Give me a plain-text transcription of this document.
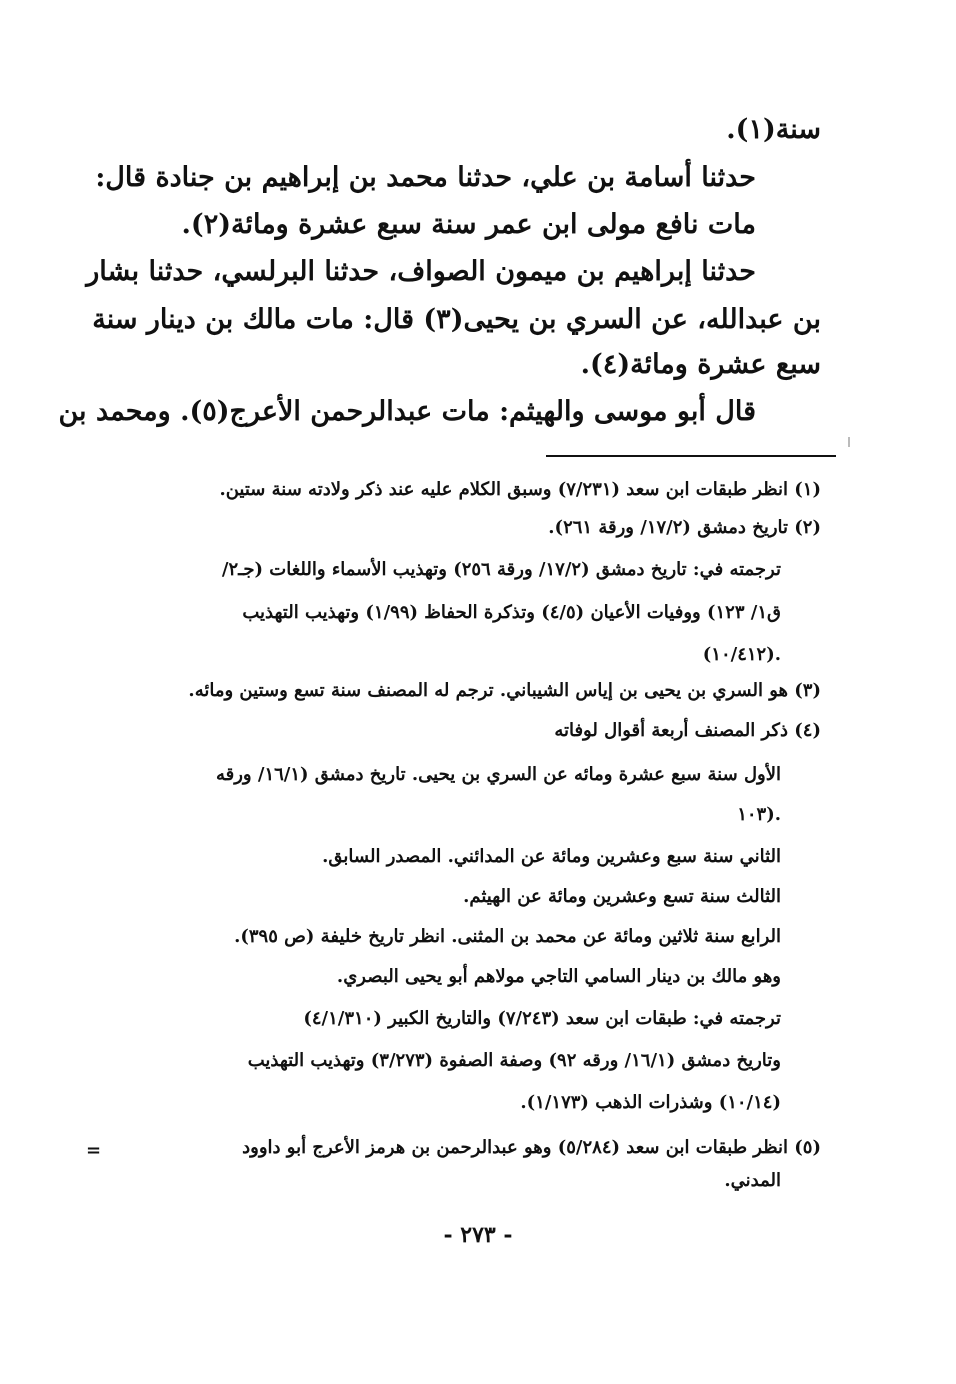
سنة(١).
حدثنا أسامة بن علي، حدثنا محمد بن إبراهيم بن جنادة قال:
مات نافع مولى ابن عمر سنة سبع عشرة ومائة(٢).
حدثنا إبراهيم بن ميمون الصواف، حدثنا البرلسي، حدثنا بشار
بن عبدالله، عن السري بن يحيى(٣) قال: مات مالك بن دينار سنة
سبع عشرة ومائة(٤).
قال أبو موسى والهيثم: مات عبدالرحمن الأعرج(٥). ومحمد بن
(١) انظر طبقات ابن سعد (٧/٢٣١) وسبق الكلام عليه عند ذكر ولادته سنة ستين.
(٢) تاريخ دمشق (١٧/٢/ ورقة ٢٦١).
ترجمته في: تاريخ دمشق (١٧/٢/ ورقة ٢٥٦) وتهذيب الأسماء واللغات (جـ٢/
ق١/ ١٢٣) ووفيات الأعيان (٤/٥) وتذكرة الحفاظ (١/٩٩) وتهذيب التهذيب
(١٠/٤١٢).
(٣) هو السري بن يحيى بن إياس الشيباني. ترجم له المصنف سنة تسع وستين ومائه.
(٤) ذكر المصنف أربعة أقوال لوفاته
الأول سنة سبع عشرة ومائه عن السري بن يحيى. تاريخ دمشق (١٦/١/ ورقه
١٠٣).
الثاني سنة سبع وعشرين ومائة عن المدائني. المصدر السابق.
الثالث سنة تسع وعشرين ومائة عن الهيثم.
الرابع سنة ثلاثين ومائة عن محمد بن المثنى. انظر تاريخ خليفة (ص ٣٩٥).
وهو مالك بن دينار السامي التاجي مولاهم أبو يحيى البصري.
ترجمته في: طبقات ابن سعد (٧/٢٤٣) والتاريخ الكبير (٤/١/٣١٠)
وتاريخ دمشق (١٦/١/ ورقه ٩٢) وصفة الصفوة (٣/٢٧٣) وتهذيب التهذيب
(١٠/١٤) وشذرات الذهب (١/١٧٣).
(٥) انظر طبقات ابن سعد (٥/٢٨٤) وهو عبدالرحمن بن هرمز الأعرج أبو داوود
=
المدني.
- ٢٧٣ -
